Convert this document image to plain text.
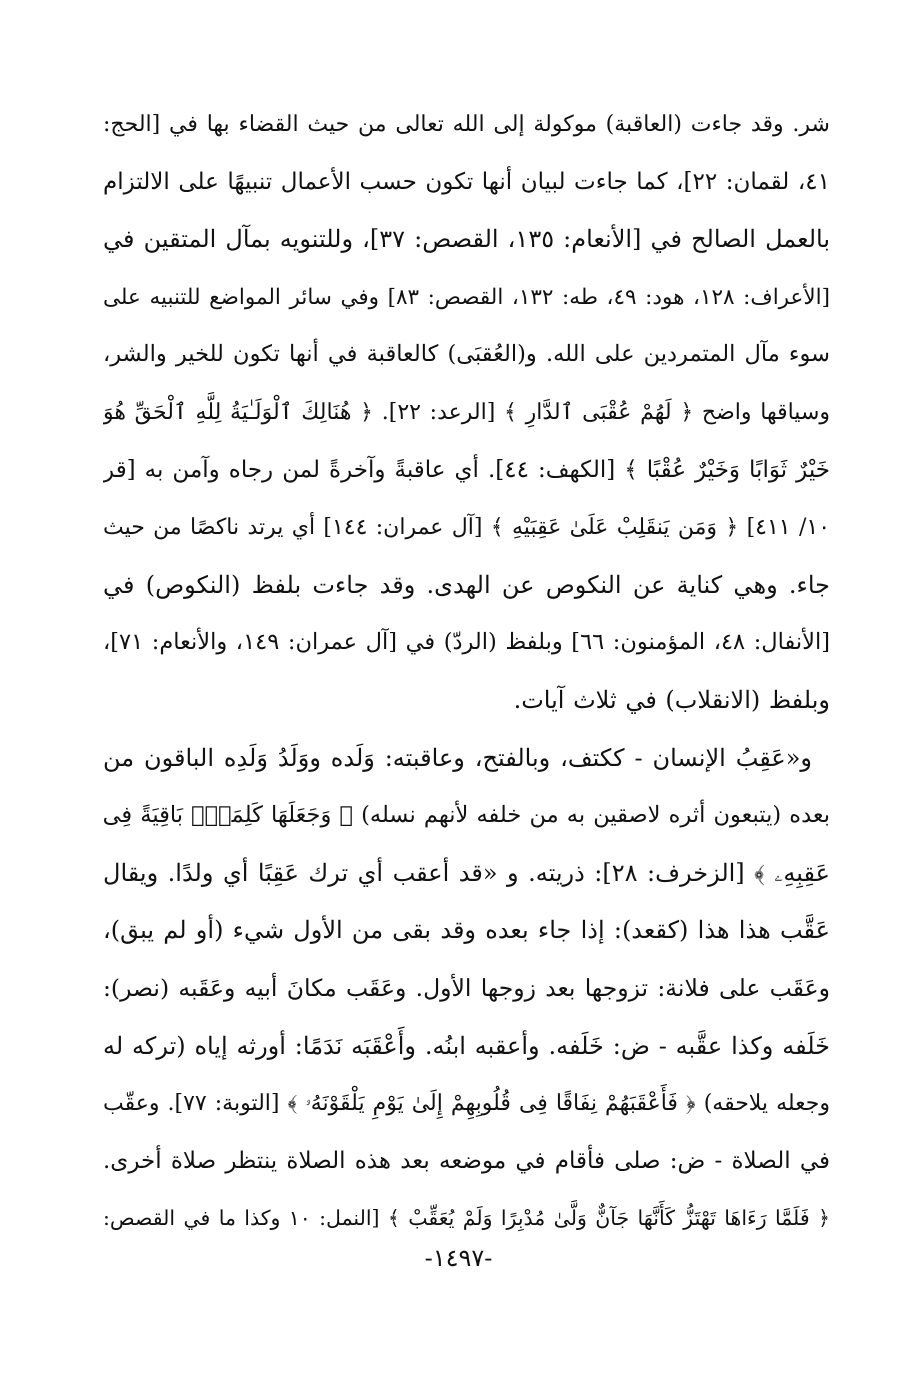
شر. وقد جاءت (العاقبة) موكولة إلى الله تعالى من حيث القضاء بها في [الحج:
٤١، لقمان: ٢٢]، كما جاءت لبيان أنها تكون حسب الأعمال تنبيهًا على الالتزام
بالعمل الصالح في [الأنعام: ١٣٥، القصص: ٣٧]، وللتنويه بمآل المتقين في
[الأعراف: ١٢٨، هود: ٤٩، طه: ١٣٢، القصص: ٨٣] وفي سائر المواضع للتنبيه على
سوء مآل المتمردين على الله. و(العُقبَى) كالعاقبة في أنها تكون للخير والشر،
وسياقها واضح ﴿ لَهُمْ عُقْبَى ٱلدَّارِ ﴾ [الرعد: ٢٢]. ﴿ هُنَالِكَ ٱلْوَلَـٰيَةُ لِلَّهِ ٱلْحَقِّ هُوَ
خَيْرٌ ثَوَابًا وَخَيْرٌ عُقْبًا ﴾ [الكهف: ٤٤]. أي عاقبةً وآخرةً لمن رجاه وآمن به [قر
١٠/ ٤١١] ﴿ وَمَن يَنقَلِبْ عَلَىٰ عَقِبَيْهِ ﴾ [آل عمران: ١٤٤] أي يرتد ناكصًا من حيث
جاء. وهي كناية عن النكوص عن الهدى. وقد جاءت بلفظ (النكوص) في
[الأنفال: ٤٨، المؤمنون: ٦٦] وبلفظ (الردّ) في [آل عمران: ١٤٩، والأنعام: ٧١]،
وبلفظ (الانقلاب) في ثلاث آيات.
و«عَقِبُ الإنسان - ككتف، وبالفتح، وعاقبته: وَلَده ووَلَدُ وَلَدِه الباقون من
بعده (يتبعون أثره لاصقين به من خلفه لأنهم نسله) ﴿ وَجَعَلَهَا كَلِمَةًۢ بَاقِيَةً فِى
عَقِبِهِۦ ﴾ [الزخرف: ٢٨]: ذريته. و «قد أعقب أي ترك عَقِبًا أي ولدًا. ويقال
عَقَّب هذا هذا (كقعد): إذا جاء بعده وقد بقى من الأول شيء (أو لم يبق)،
وعَقَب على فلانة: تزوجها بعد زوجها الأول. وعَقَب مكانَ أبيه وعَقَبه (نصر):
خَلَفه وكذا عقَّبه - ض: خَلَفه. وأعقبه ابنُه. وأَعْقَبَه نَدَمًا: أورثه إياه (تركه له
وجعله يلاحقه) ﴿ فَأَعْقَبَهُمْ نِفَاقًا فِى قُلُوبِهِمْ إِلَىٰ يَوْمِ يَلْقَوْنَهُۥ ﴾ [التوبة: ٧٧]. وعقّب
في الصلاة - ض: صلى فأقام في موضعه بعد هذه الصلاة ينتظر صلاة أخرى.
﴿ فَلَمَّا رَءَاهَا تَهْتَزُّ كَأَنَّهَا جَآنٌّ وَلَّىٰ مُدْبِرًا وَلَمْ يُعَقِّبْ ﴾ [النمل: ١٠ وكذا ما في القصص:
-١٤٩٧-
